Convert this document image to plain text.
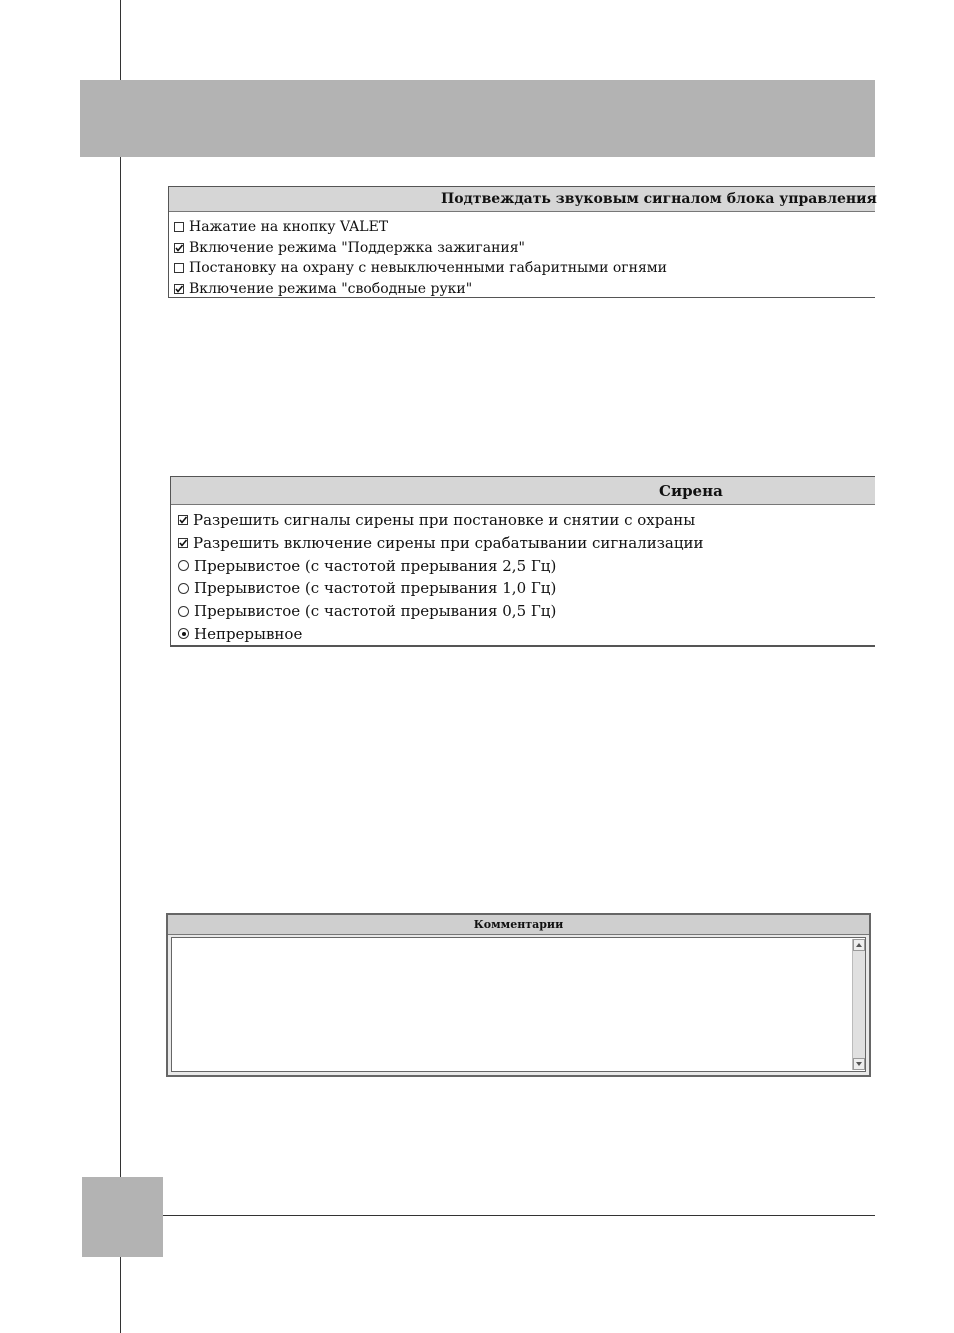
Подтвеждать звуковым сигналом блока управления
Нажатие на кнопку VALET
Включение режима "Поддержка зажигания"
Постановку на охрану с невыключенными габаритными огнями
Включение режима "свободные руки"
Сирена
Разрешить сигналы сирены при постановке и снятии с охраны
Разрешить включение сирены при срабатывании сигнализации
Прерывистое (с частотой прерывания 2,5 Гц)
Прерывистое (с частотой прерывания 1,0 Гц)
Прерывистое (с частотой прерывания 0,5 Гц)
Непрерывное
Комментарии
